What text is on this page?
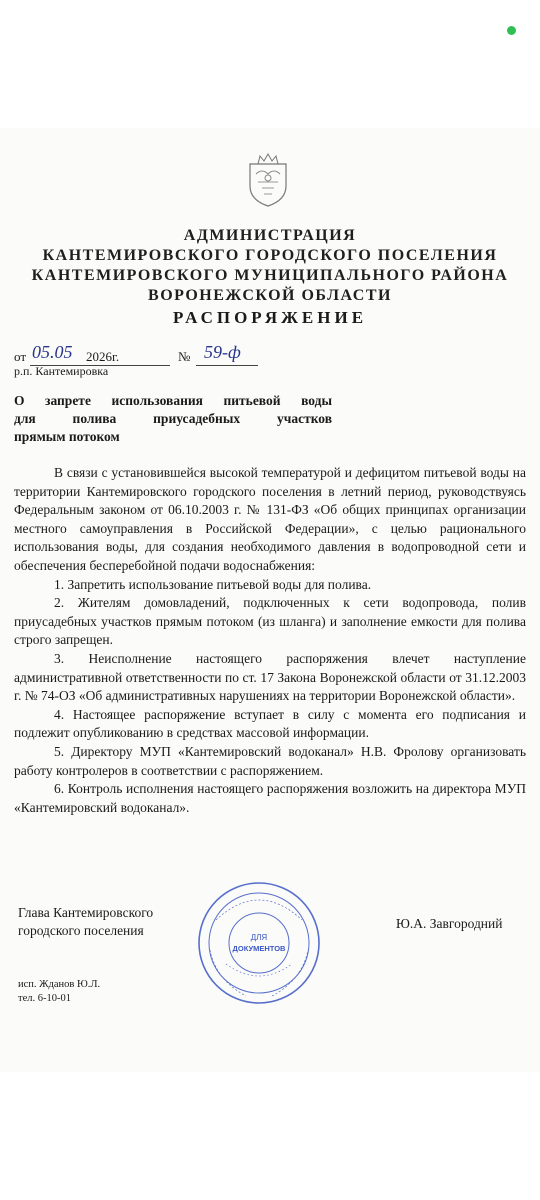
АДМИНИСТРАЦИЯ
КАНТЕМИРОВСКОГО ГОРОДСКОГО ПОСЕЛЕНИЯ
КАНТЕМИРОВСКОГО МУНИЦИПАЛЬНОГО РАЙОНА
ВОРОНЕЖСКОЙ ОБЛАСТИ
РАСПОРЯЖЕНИЕ
от 05.05 2026г.	№ 59-ф
р.п. Кантемировка
О запрете использования питьевой воды
для полива приусадебных участков
прямым потоком

В связи с установившейся высокой температурой и дефицитом питьевой воды на территории Кантемировского городского поселения в летний период, руководствуясь Федеральным законом от 06.10.2003 г. № 131-ФЗ «Об общих принципах организации местного самоуправления в Российской Федерации», с целью рационального использования воды, для создания необходимого давления в водопроводной сети и обеспечения бесперебойной подачи водоснабжения:

1. Запретить использование питьевой воды для полива.

2. Жителям домовладений, подключенных к сети водопровода, полив приусадебных участков прямым потоком (из шланга) и заполнение емкости для полива строго запрещен.

3. Неисполнение настоящего распоряжения влечет наступление административной ответственности по ст. 17 Закона Воронежской области от 31.12.2003 г. № 74-ОЗ «Об административных нарушениях на территории Воронежской области».

4. Настоящее распоряжение вступает в силу с момента его подписания и подлежит опубликованию в средствах массовой информации.

5. Директору МУП «Кантемировский водоканал» Н.В. Фролову организовать работу контролеров в соответствии с распоряжением.

6. Контроль исполнения настоящего распоряжения возложить на директора МУП «Кантемировский водоканал».

Глава Кантемировского
городского поселения	ДЛЯ
ДОКУМЕНТОВ
Ю.А. Завгородний
исп. Жданов Ю.Л.
тел. 6-10-01
